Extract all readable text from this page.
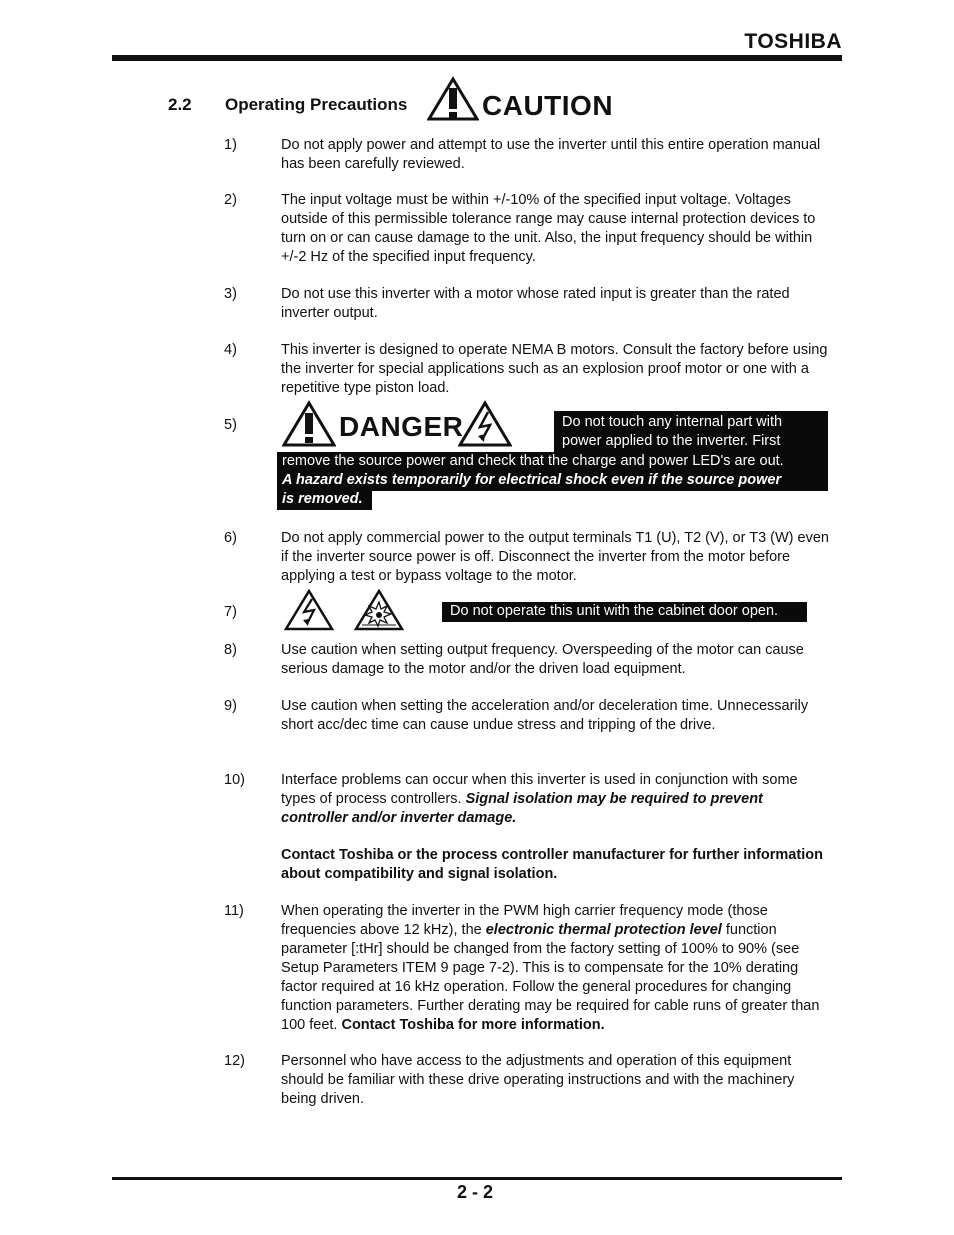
TOSHIBA
2.2 Operating Precautions	CAUTION
1)	Do not apply power and attempt to use the inverter until this entire operation manual has been carefully reviewed.
2)	The input voltage must be within +/-10% of the specified input voltage. Voltages outside of this permissible tolerance range may cause internal protection devices to turn on or can cause damage to the unit. Also, the input frequency should be within +/-2 Hz of the specified input frequency.
3)	Do not use this inverter with a motor whose rated input is greater than the rated inverter output.
4)	This inverter is designed to operate NEMA B motors. Consult the factory before using the inverter for special applications such as an explosion proof motor or one with a repetitive type piston load.
5)	DANGER	Do not touch any internal part with
power applied to the inverter. First
remove the source power and check that the charge and power LED's are out.
A hazard exists temporarily for electrical shock even if the source power
is removed.
6)	Do not apply commercial power to the output terminals T1 (U), T2 (V), or T3 (W) even if the inverter source power is off. Disconnect the inverter from the motor before applying a test or bypass voltage to the motor.
7)	Do not operate this unit with the cabinet door open.
8)	Use caution when setting output frequency. Overspeeding of the motor can cause serious damage to the motor and/or the driven load equipment.
9)	Use caution when setting the acceleration and/or deceleration time. Unnecessarily short acc/dec time can cause undue stress and tripping of the drive.
10) Interface problems can occur when this inverter is used in conjunction with some types of process controllers. Signal isolation may be required to prevent controller and/or inverter damage.
Contact Toshiba or the process controller manufacturer for further information about compatibility and signal isolation.
11)	When operating the inverter in the PWM high carrier frequency mode (those frequencies above 12 kHz), the electronic thermal protection level function parameter [:tHr] should be changed from the factory setting of 100% to 90% (see Setup Parameters ITEM 9 page 7-2). This is to compensate for the 10% derating factor required at 16 kHz operation. Follow the general procedures for changing function parameters. Further derating may be required for cable runs of greater than 100 feet. Contact Toshiba for more information.
12) Personnel who have access to the adjustments and operation of this equipment should be familiar with these drive operating instructions and with the machinery being driven.
2 - 2
